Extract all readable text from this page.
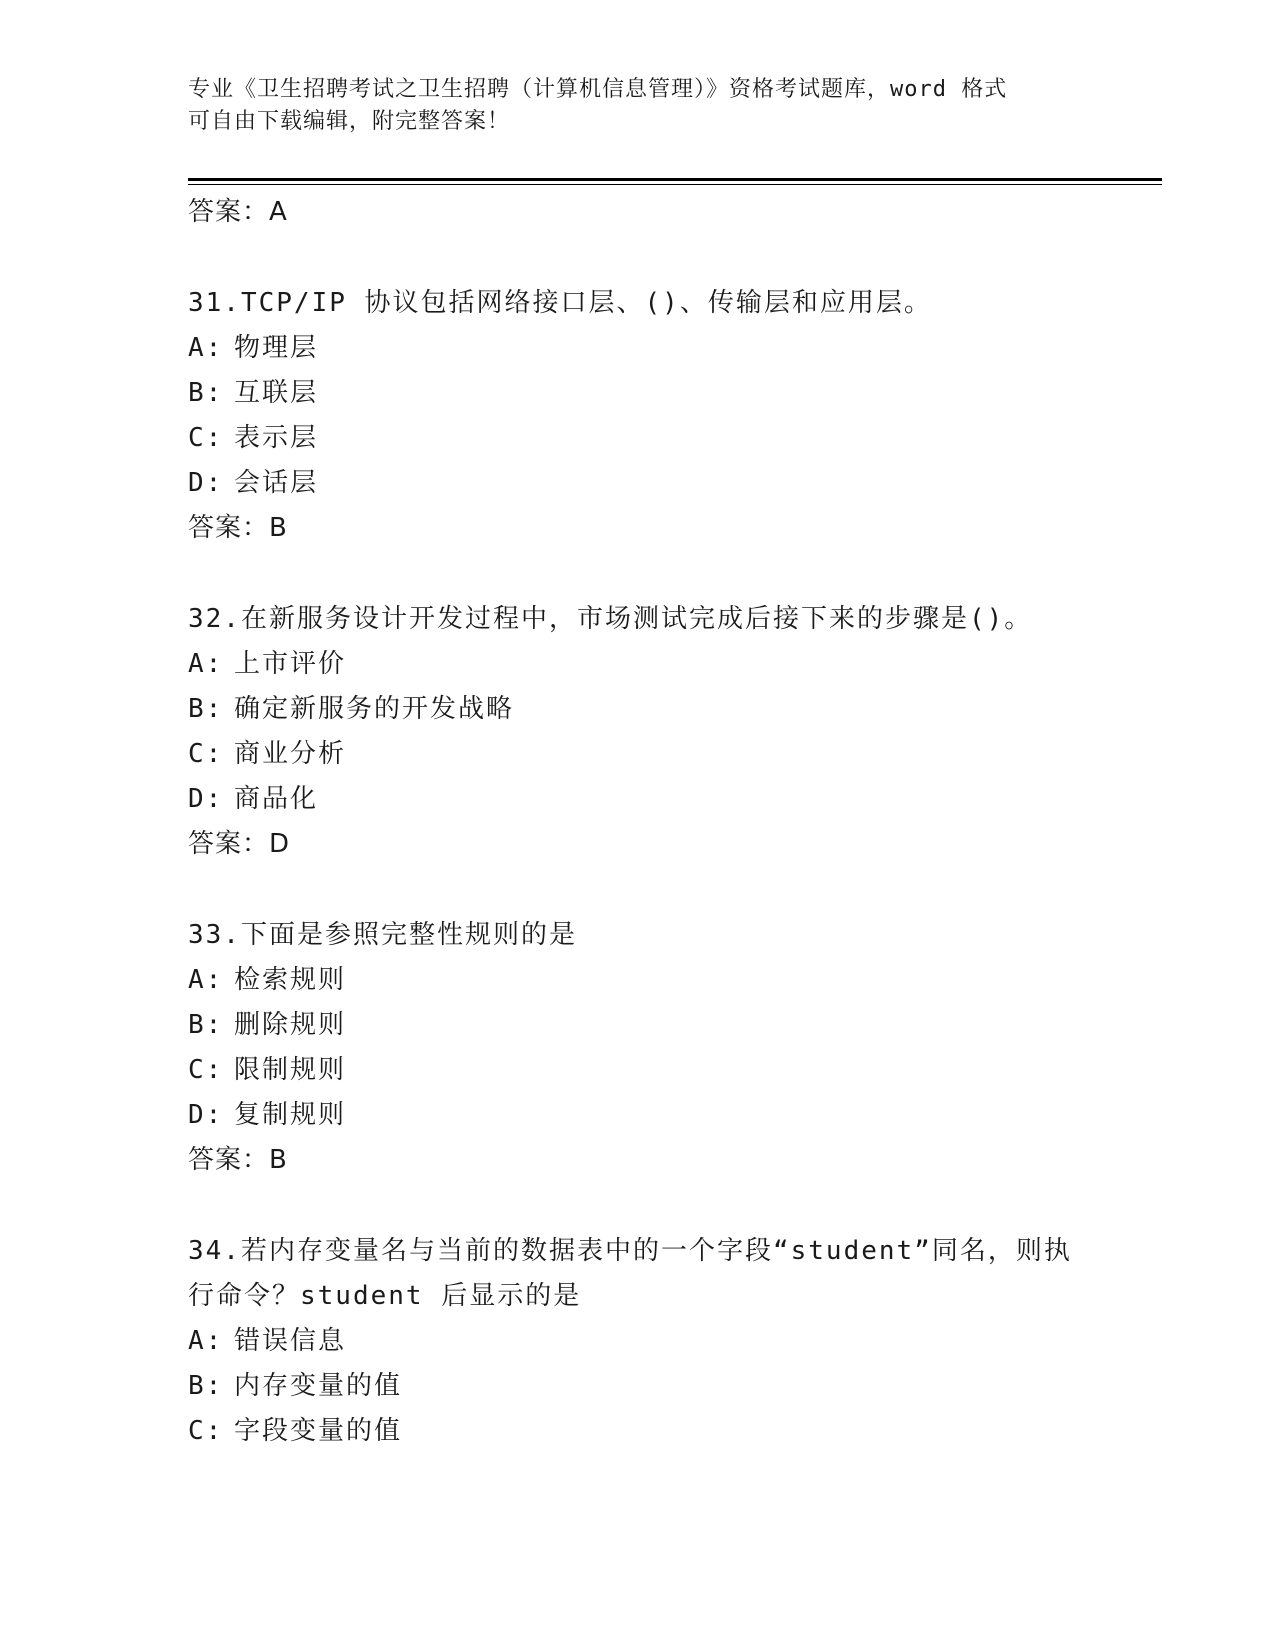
专业《卫生招聘考试之卫生招聘（计算机信息管理）》资格考试题库，word 格式
可自由下载编辑，附完整答案！
答案：A
31.TCP/IP 协议包括网络接口层、()、传输层和应用层。
A: 物理层
B: 互联层
C: 表示层
D: 会话层
答案：B
32.在新服务设计开发过程中，市场测试完成后接下来的步骤是()。
A: 上市评价
B: 确定新服务的开发战略
C: 商业分析
D: 商品化
答案：D
33.下面是参照完整性规则的是
A: 检索规则
B: 删除规则
C: 限制规则
D: 复制规则
答案：B
34.若内存变量名与当前的数据表中的一个字段“student”同名，则执行命令？student 后显示的是
A: 错误信息
B: 内存变量的值
C: 字段变量的值
